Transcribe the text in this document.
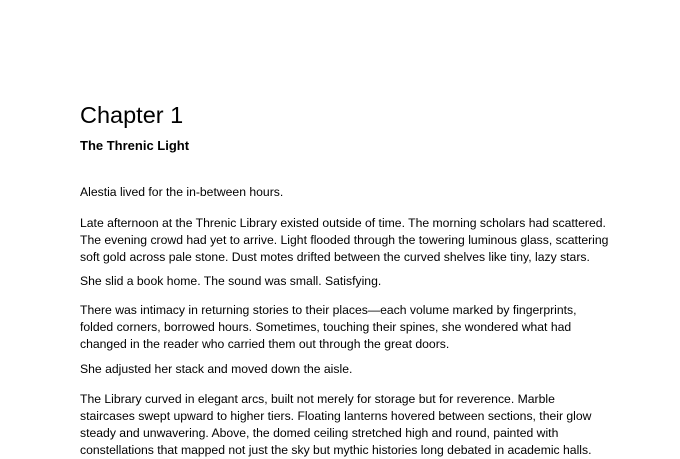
Chapter 1
The Threnic Light

Alestia lived for the in-between hours.

Late afternoon at the Threnic Library existed outside of time. The morning scholars had scattered. The evening crowd had yet to arrive. Light flooded through the towering luminous glass, scattering soft gold across pale stone. Dust motes drifted between the curved shelves like tiny, lazy stars.

She slid a book home. The sound was small. Satisfying.

There was intimacy in returning stories to their places—each volume marked by fingerprints, folded corners, borrowed hours. Sometimes, touching their spines, she wondered what had changed in the reader who carried them out through the great doors.

She adjusted her stack and moved down the aisle.

The Library curved in elegant arcs, built not merely for storage but for reverence. Marble staircases swept upward to higher tiers. Floating lanterns hovered between sections, their glow steady and unwavering. Above, the domed ceiling stretched high and round, painted with constellations that mapped not just the sky but mythic histories long debated in academic halls.
